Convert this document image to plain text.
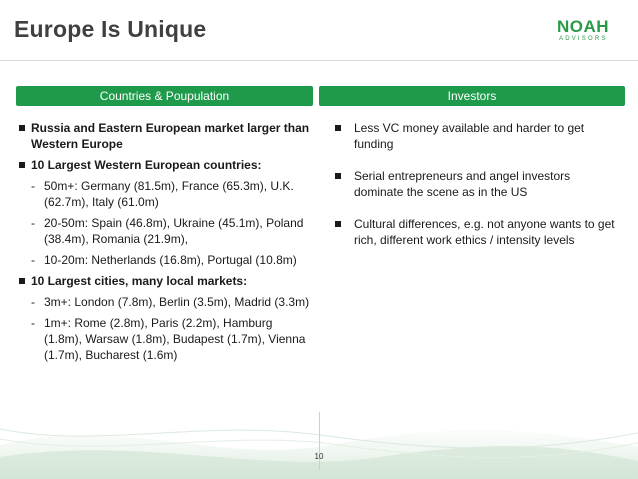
Europe Is Unique	NOAH
ADVISORS
Countries & Poupulation	Investors
Russia and Eastern European market larger than Western Europe
10 Largest Western European countries:
- 50m+: Germany (81.5m), France (65.3m), U.K. (62.7m), Italy (61.0m)
- 20-50m: Spain (46.8m), Ukraine (45.1m), Poland (38.4m), Romania (21.9m),
- 10-20m: Netherlands (16.8m), Portugal (10.8m)
10 Largest cities, many local markets:
- 3m+: London (7.8m), Berlin (3.5m), Madrid (3.3m)
- 1m+: Rome (2.8m), Paris (2.2m), Hamburg (1.8m), Warsaw (1.8m), Budapest (1.7m), Vienna (1.7m), Bucharest (1.6m)
Less VC money available and harder to get funding
Serial entrepreneurs and angel investors dominate the scene as in the US
Cultural differences, e.g. not anyone wants to get rich, different work ethics / intensity levels
10
